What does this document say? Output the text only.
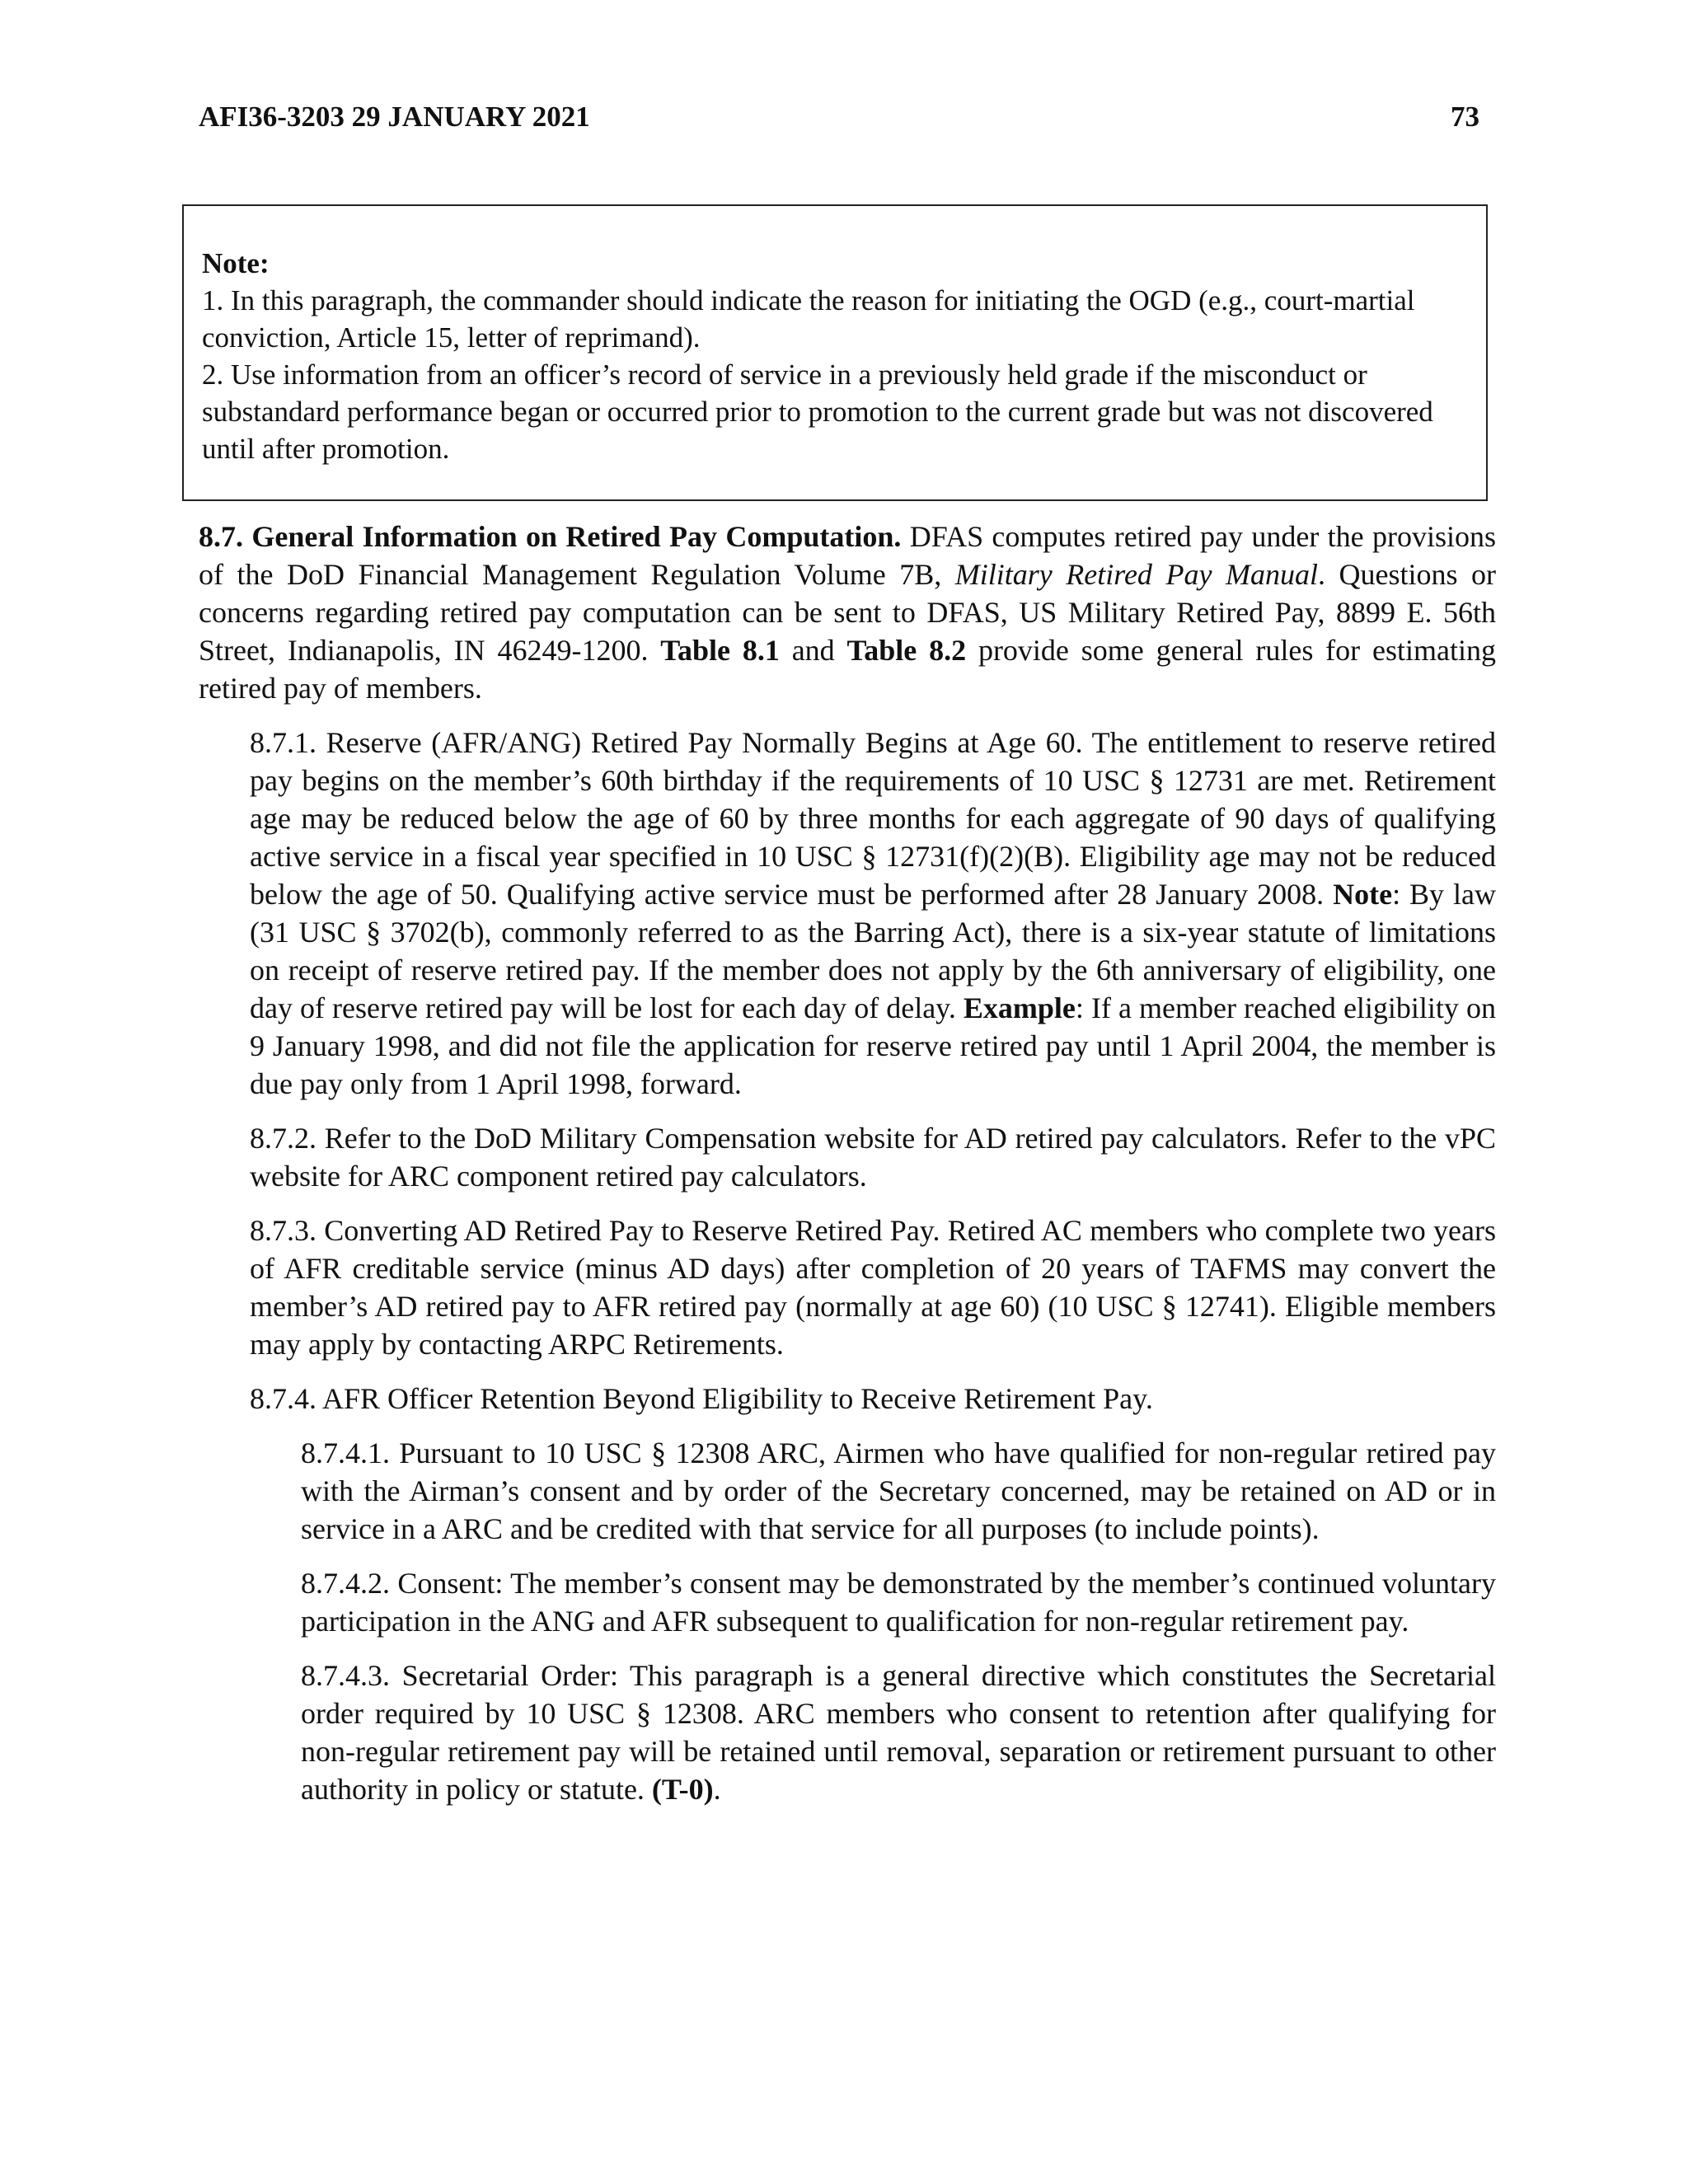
AFI36-3203 29 JANUARY 2021	73
Note:
1. In this paragraph, the commander should indicate the reason for initiating the OGD (e.g., court-martial conviction, Article 15, letter of reprimand).
2. Use information from an officer’s record of service in a previously held grade if the misconduct or substandard performance began or occurred prior to promotion to the current grade but was not discovered until after promotion.

8.7. General Information on Retired Pay Computation. DFAS computes retired pay under the provisions of the DoD Financial Management Regulation Volume 7B, Military Retired Pay Manual. Questions or concerns regarding retired pay computation can be sent to DFAS, US Military Retired Pay, 8899 E. 56th Street, Indianapolis, IN 46249-1200. Table 8.1 and Table 8.2 provide some general rules for estimating retired pay of members.

8.7.1. Reserve (AFR/ANG) Retired Pay Normally Begins at Age 60. The entitlement to reserve retired pay begins on the member’s 60th birthday if the requirements of 10 USC § 12731 are met. Retirement age may be reduced below the age of 60 by three months for each aggregate of 90 days of qualifying active service in a fiscal year specified in 10 USC § 12731(f)(2)(B). Eligibility age may not be reduced below the age of 50. Qualifying active service must be performed after 28 January 2008. Note: By law (31 USC § 3702(b), commonly referred to as the Barring Act), there is a six-year statute of limitations on receipt of reserve retired pay. If the member does not apply by the 6th anniversary of eligibility, one day of reserve retired pay will be lost for each day of delay. Example: If a member reached eligibility on 9 January 1998, and did not file the application for reserve retired pay until 1 April 2004, the member is due pay only from 1 April 1998, forward.

8.7.2. Refer to the DoD Military Compensation website for AD retired pay calculators. Refer to the vPC website for ARC component retired pay calculators.

8.7.3. Converting AD Retired Pay to Reserve Retired Pay. Retired AC members who complete two years of AFR creditable service (minus AD days) after completion of 20 years of TAFMS may convert the member’s AD retired pay to AFR retired pay (normally at age 60) (10 USC § 12741). Eligible members may apply by contacting ARPC Retirements.

8.7.4. AFR Officer Retention Beyond Eligibility to Receive Retirement Pay.

8.7.4.1. Pursuant to 10 USC § 12308 ARC, Airmen who have qualified for non-regular retired pay with the Airman’s consent and by order of the Secretary concerned, may be retained on AD or in service in a ARC and be credited with that service for all purposes (to include points).

8.7.4.2. Consent: The member’s consent may be demonstrated by the member’s continued voluntary participation in the ANG and AFR subsequent to qualification for non-regular retirement pay.

8.7.4.3. Secretarial Order: This paragraph is a general directive which constitutes the Secretarial order required by 10 USC § 12308. ARC members who consent to retention after qualifying for non-regular retirement pay will be retained until removal, separation or retirement pursuant to other authority in policy or statute. (T-0).
